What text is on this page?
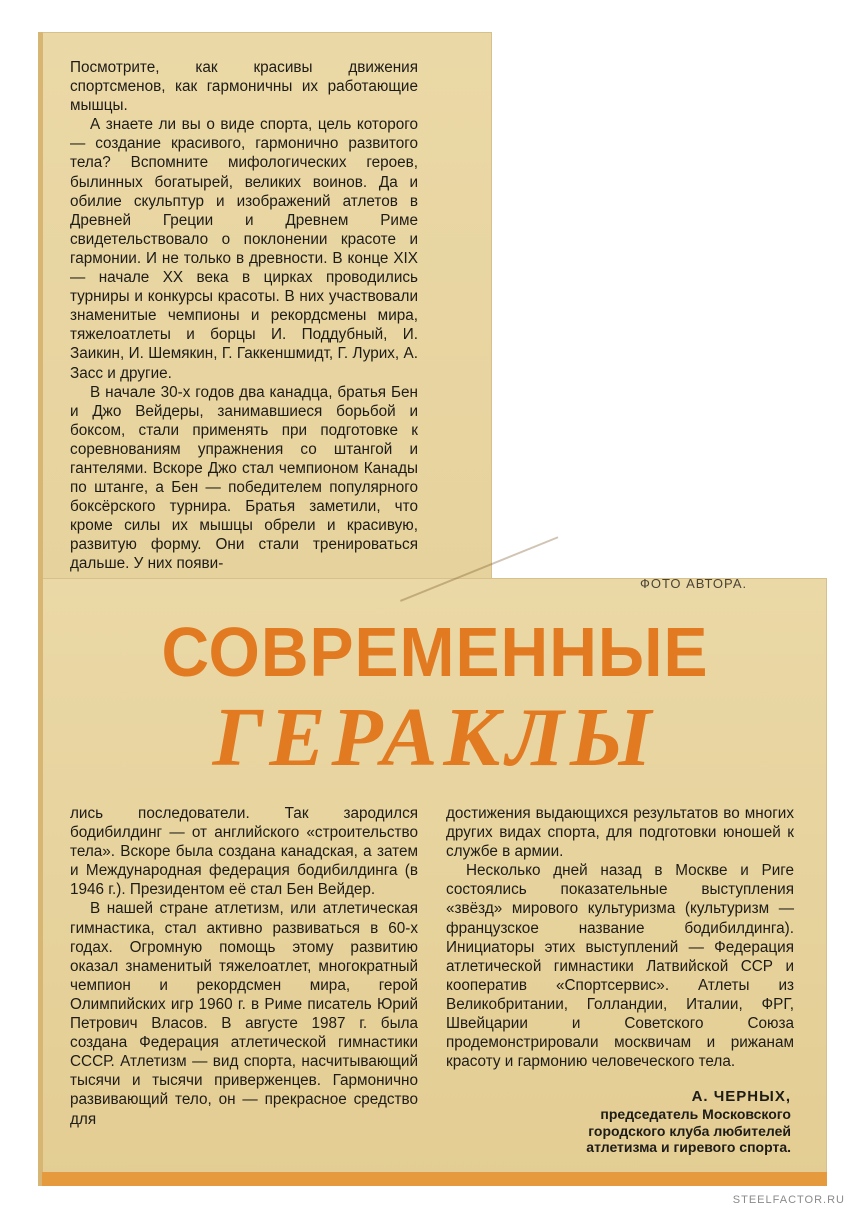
Посмотрите, как красивы движения спортсменов, как гармоничны их работающие мышцы.

А знаете ли вы о виде спорта, цель которого — создание красивого, гармонично развитого тела? Вспомните мифологических героев, былинных богатырей, великих воинов. Да и обилие скульптур и изображений атлетов в Древней Греции и Древнем Риме свидетельствовало о поклонении красоте и гармонии. И не только в древности. В конце XIX — начале XX века в цирках проводились турниры и конкурсы красоты. В них участвовали знаменитые чемпионы и рекордсмены мира, тяжелоатлеты и борцы И. Поддубный, И. Заикин, И. Шемякин, Г. Гаккеншмидт, Г. Лурих, А. Засс и другие.

В начале 30-х годов два канадца, братья Бен и Джо Вейдеры, занимавшиеся борьбой и боксом, стали применять при подготовке к соревнованиям упражнения со штангой и гантелями. Вскоре Джо стал чемпионом Канады по штанге, а Бен — победителем популярного боксёрского турнира. Братья заметили, что кроме силы их мышцы обрели и красивую, развитую форму. Они стали тренироваться дальше. У них появи-

ФОТО АВТОРА.
СОВРЕМЕННЫЕ
ГЕРАКЛЫ

лись последователи. Так зародился бодибилдинг — от английского «строительство тела». Вскоре была создана канадская, а затем и Международная федерация бодибилдинга (в 1946 г.). Президентом её стал Бен Вейдер.

В нашей стране атлетизм, или атлетическая гимнастика, стал активно развиваться в 60-х годах. Огромную помощь этому развитию оказал знаменитый тяжелоатлет, многократный чемпион и рекордсмен мира, герой Олимпийских игр 1960 г. в Риме писатель Юрий Петрович Власов. В августе 1987 г. была создана Федерация атлетической гимнастики СССР. Атлетизм — вид спорта, насчитывающий тысячи и тысячи приверженцев. Гармонично развивающий тело, он — прекрасное средство для

достижения выдающихся результатов во многих других видах спорта, для подготовки юношей к службе в армии.

Несколько дней назад в Москве и Риге состоялись показательные выступления «звёзд» мирового культуризма (культуризм — французское название бодибилдинга). Инициаторы этих выступлений — Федерация атлетической гимнастики Латвийской ССР и кооператив «Спортсервис». Атлеты из Великобритании, Голландии, Италии, ФРГ, Швейцарии и Советского Союза продемонстрировали москвичам и рижанам красоту и гармонию человеческого тела.

А. ЧЕРНЫХ,
председатель Московского
городского клуба любителей
атлетизма и гиревого спорта.
STEELFACTOR.RU
